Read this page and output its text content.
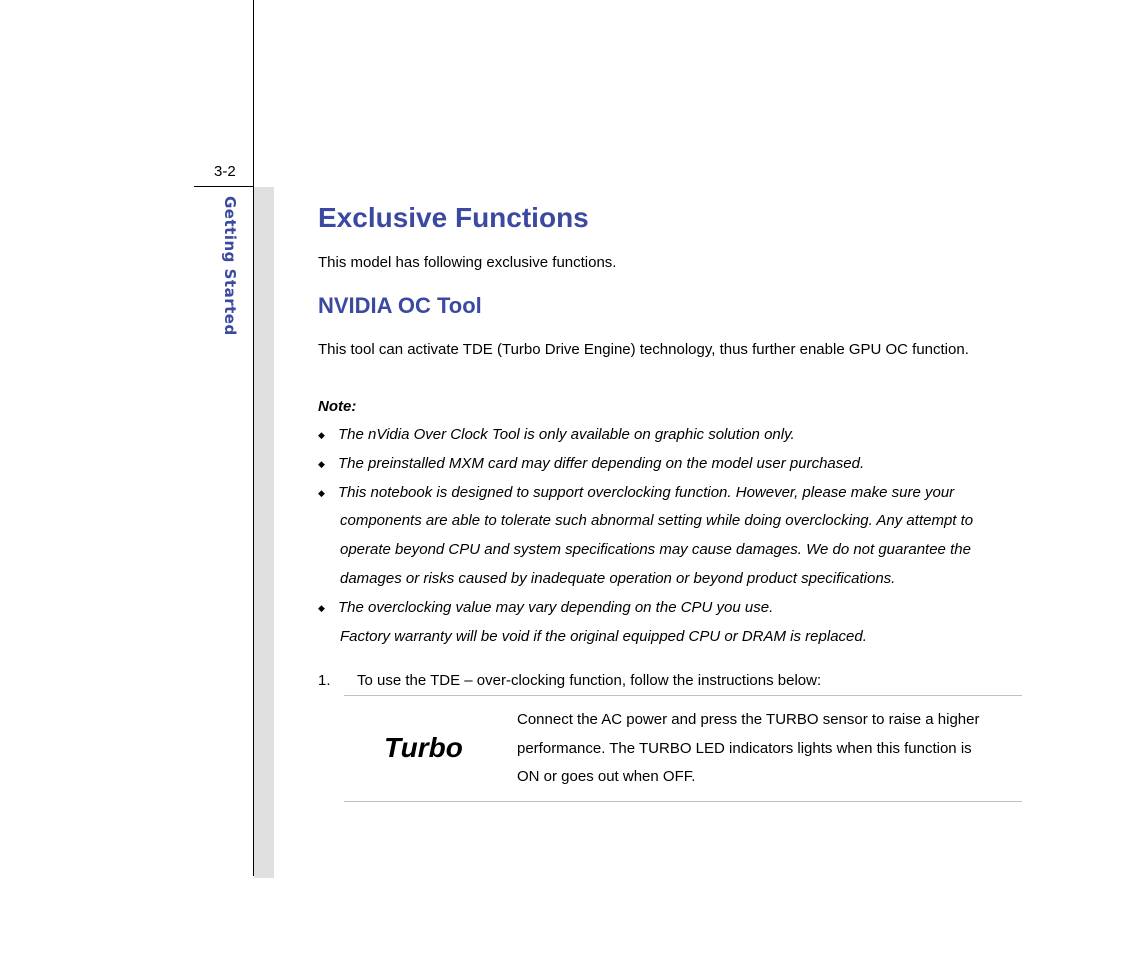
3-2
Getting Started	Exclusive Functions
This model has following exclusive functions.
NVIDIA OC Tool
This tool can activate TDE (Turbo Drive Engine) technology, thus further enable GPU OC function.
Note:
◆ The nVidia Over Clock Tool is only available on graphic solution only.
◆ The preinstalled MXM card may differ depending on the model user purchased.
◆ This notebook is designed to support overclocking function. However, please make sure your
components are able to tolerate such abnormal setting while doing overclocking. Any attempt to
operate beyond CPU and system specifications may cause damages. We do not guarantee the
damages or risks caused by inadequate operation or beyond product specifications.
◆ The overclocking value may vary depending on the CPU you use.
Factory warranty will be void if the original equipped CPU or DRAM is replaced.
1. To use the TDE – over-clocking function, follow the instructions below:
Turbo
Connect the AC power and press the TURBO sensor to raise a higher
performance. The TURBO LED indicators lights when this function is
ON or goes out when OFF.
